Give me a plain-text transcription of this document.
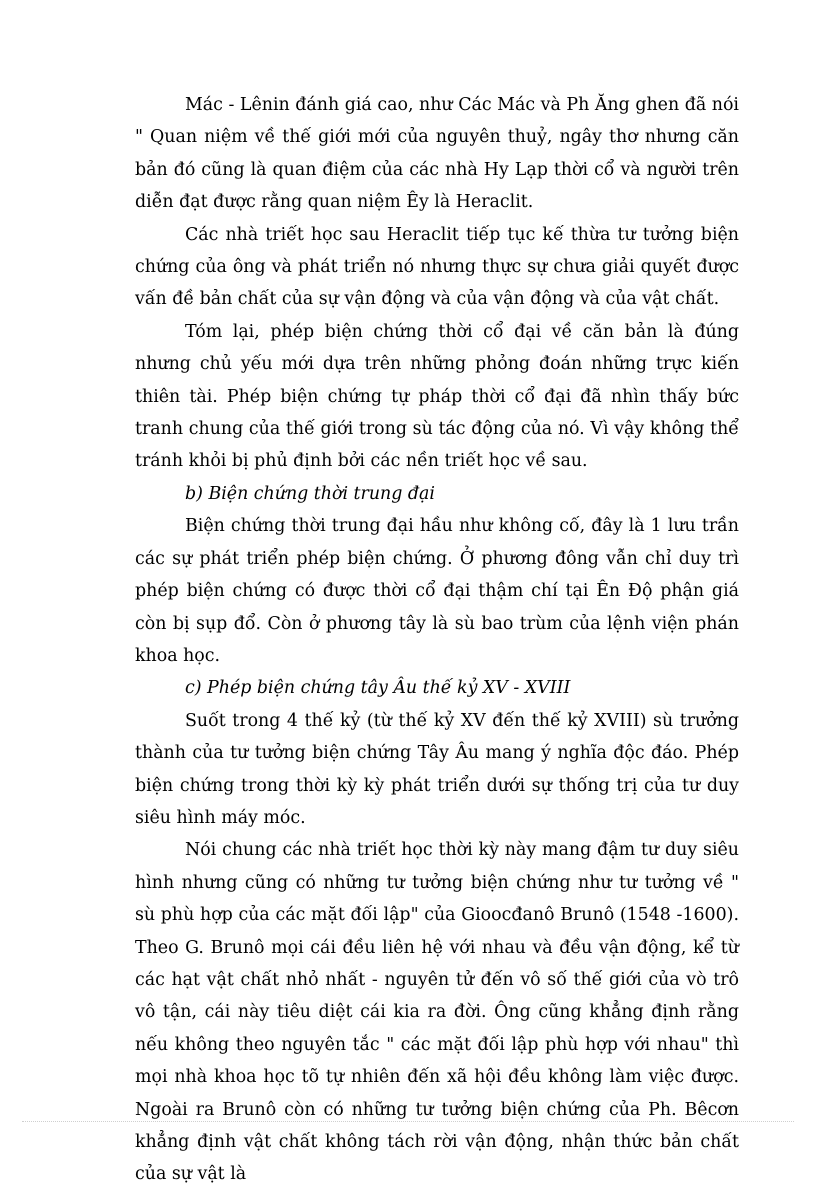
Mác - Lênin đánh giá cao, như Các Mác và Ph Ăng ghen đã nói " Quan niệm về thế giới mới của nguyên thuỷ, ngây thơ nhưng căn bản đó cũng là quan điệm của các nhà Hy Lạp thời cổ và người trên diễn đạt được rằng quan niệm Êy là Heraclit.

Các nhà triết học sau Heraclit tiếp tục kế thừa tư tưởng biện chứng của ông và phát triển nó nhưng thực sự chưa giải quyết được vấn đề bản chất của sự vận động và của vận động và của vật chất.

Tóm lại, phép biện chứng thời cổ đại về căn bản là đúng nhưng chủ yếu mới dựa trên những phỏng đoán những trực kiến thiên tài. Phép biện chứng tự pháp thời cổ đại đã nhìn thấy bức tranh chung của thế giới trong sù tác động của nó. Vì vậy không thể tránh khỏi bị phủ định bởi các nền triết học về sau.

b) Biện chứng thời trung đại

Biện chứng thời trung đại hầu như không cố, đây là 1 lưu trần các sự phát triển phép biện chứng. Ở phương đông vẫn chỉ duy trì phép biện chứng có được thời cổ đại thậm chí tại Ên Độ phận giá còn bị sụp đổ. Còn ở phương tây là sù bao trùm của lệnh viện phán khoa học.

c) Phép biện chứng tây Âu thế kỷ XV - XVIII

Suốt trong 4 thế kỷ (từ thế kỷ XV đến thế kỷ XVIII) sù trưởng thành của tư tưởng biện chứng Tây Âu mang ý nghĩa độc đáo. Phép biện chứng trong thời kỳ kỳ phát triển dưới sự thống trị của tư duy siêu hình máy móc.

Nói chung các nhà triết học thời kỳ này mang đậm tư duy siêu hình nhưng cũng có những tư tưởng biện chứng như tư tưởng về " sù phù hợp của các mặt đối lập" của Gioocđanô Brunô (1548 -1600). Theo G. Brunô mọi cái đều liên hệ với nhau và đều vận động, kể từ các hạt vật chất nhỏ nhất - nguyên tử đến vô số thế giới của vò trô vô tận, cái này tiêu diệt cái kia ra đời. Ông cũng khẳng định rằng nếu không theo nguyên tắc " các mặt đối lập phù hợp với nhau" thì mọi nhà khoa học tõ tự nhiên đến xã hội đều không làm việc được. Ngoài ra Brunô còn có những tư tưởng biện chứng của Ph. Bêcơn khẳng định vật chất không tách rời vận động, nhận thức bản chất của sự vật là
